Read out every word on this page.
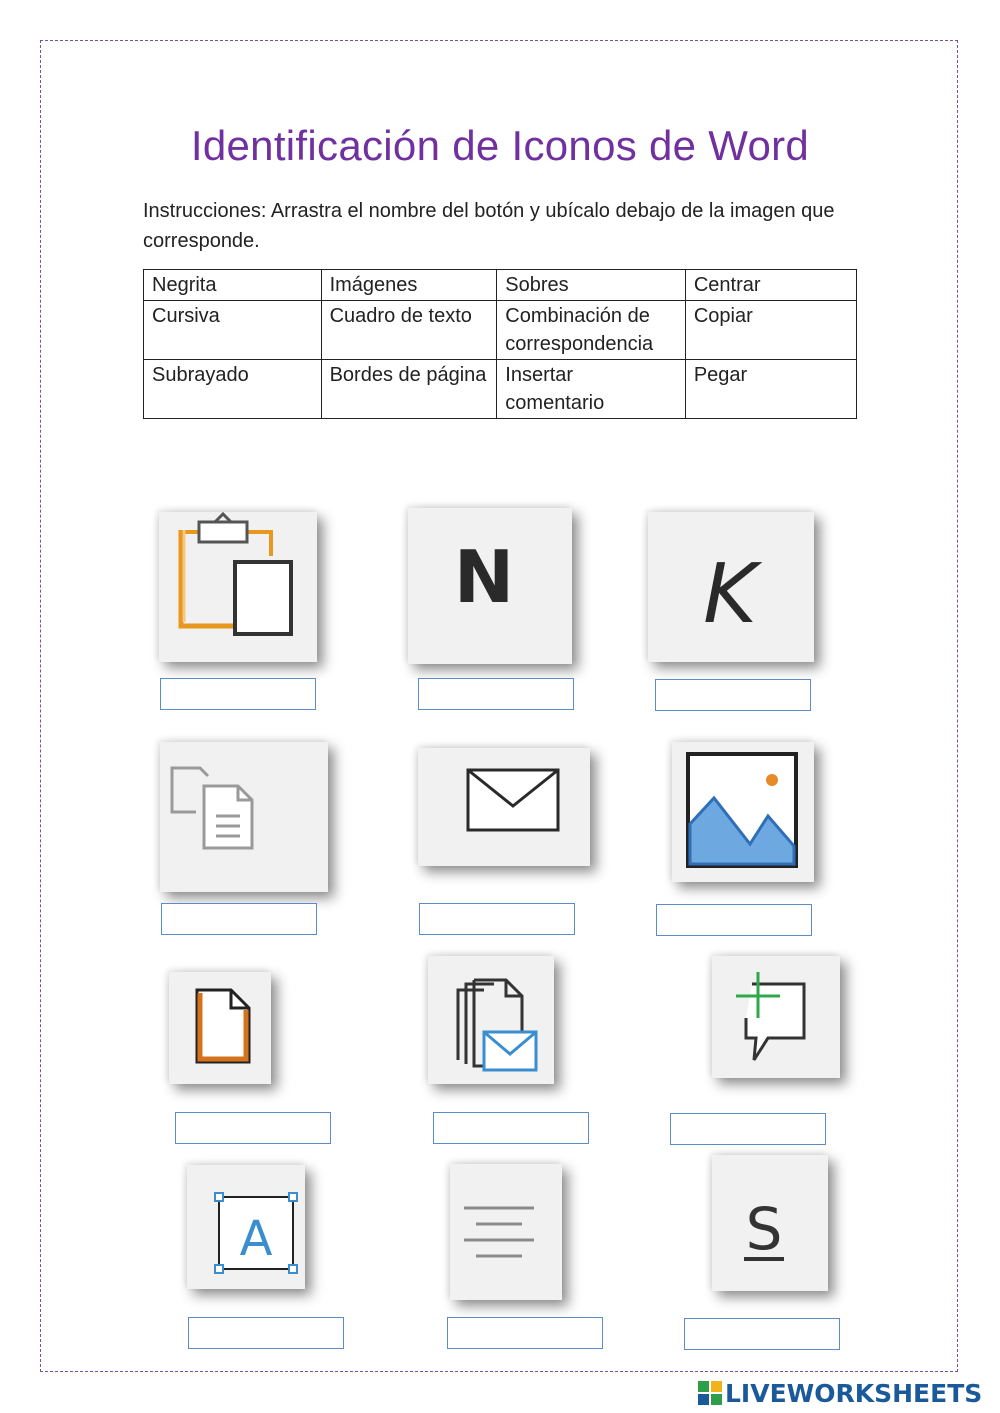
Identificación de Iconos de Word
Instrucciones: Arrastra el nombre del botón y ubícalo debajo de la imagen que corresponde.
Negrita	Imágenes	Sobres	Centrar
Cursiva	Cuadro de texto	Combinación de correspondencia	Copiar
Subrayado	Bordes de página	Insertar comentario	Pegar
N K
A	S
LIVEWORKSHEETS
